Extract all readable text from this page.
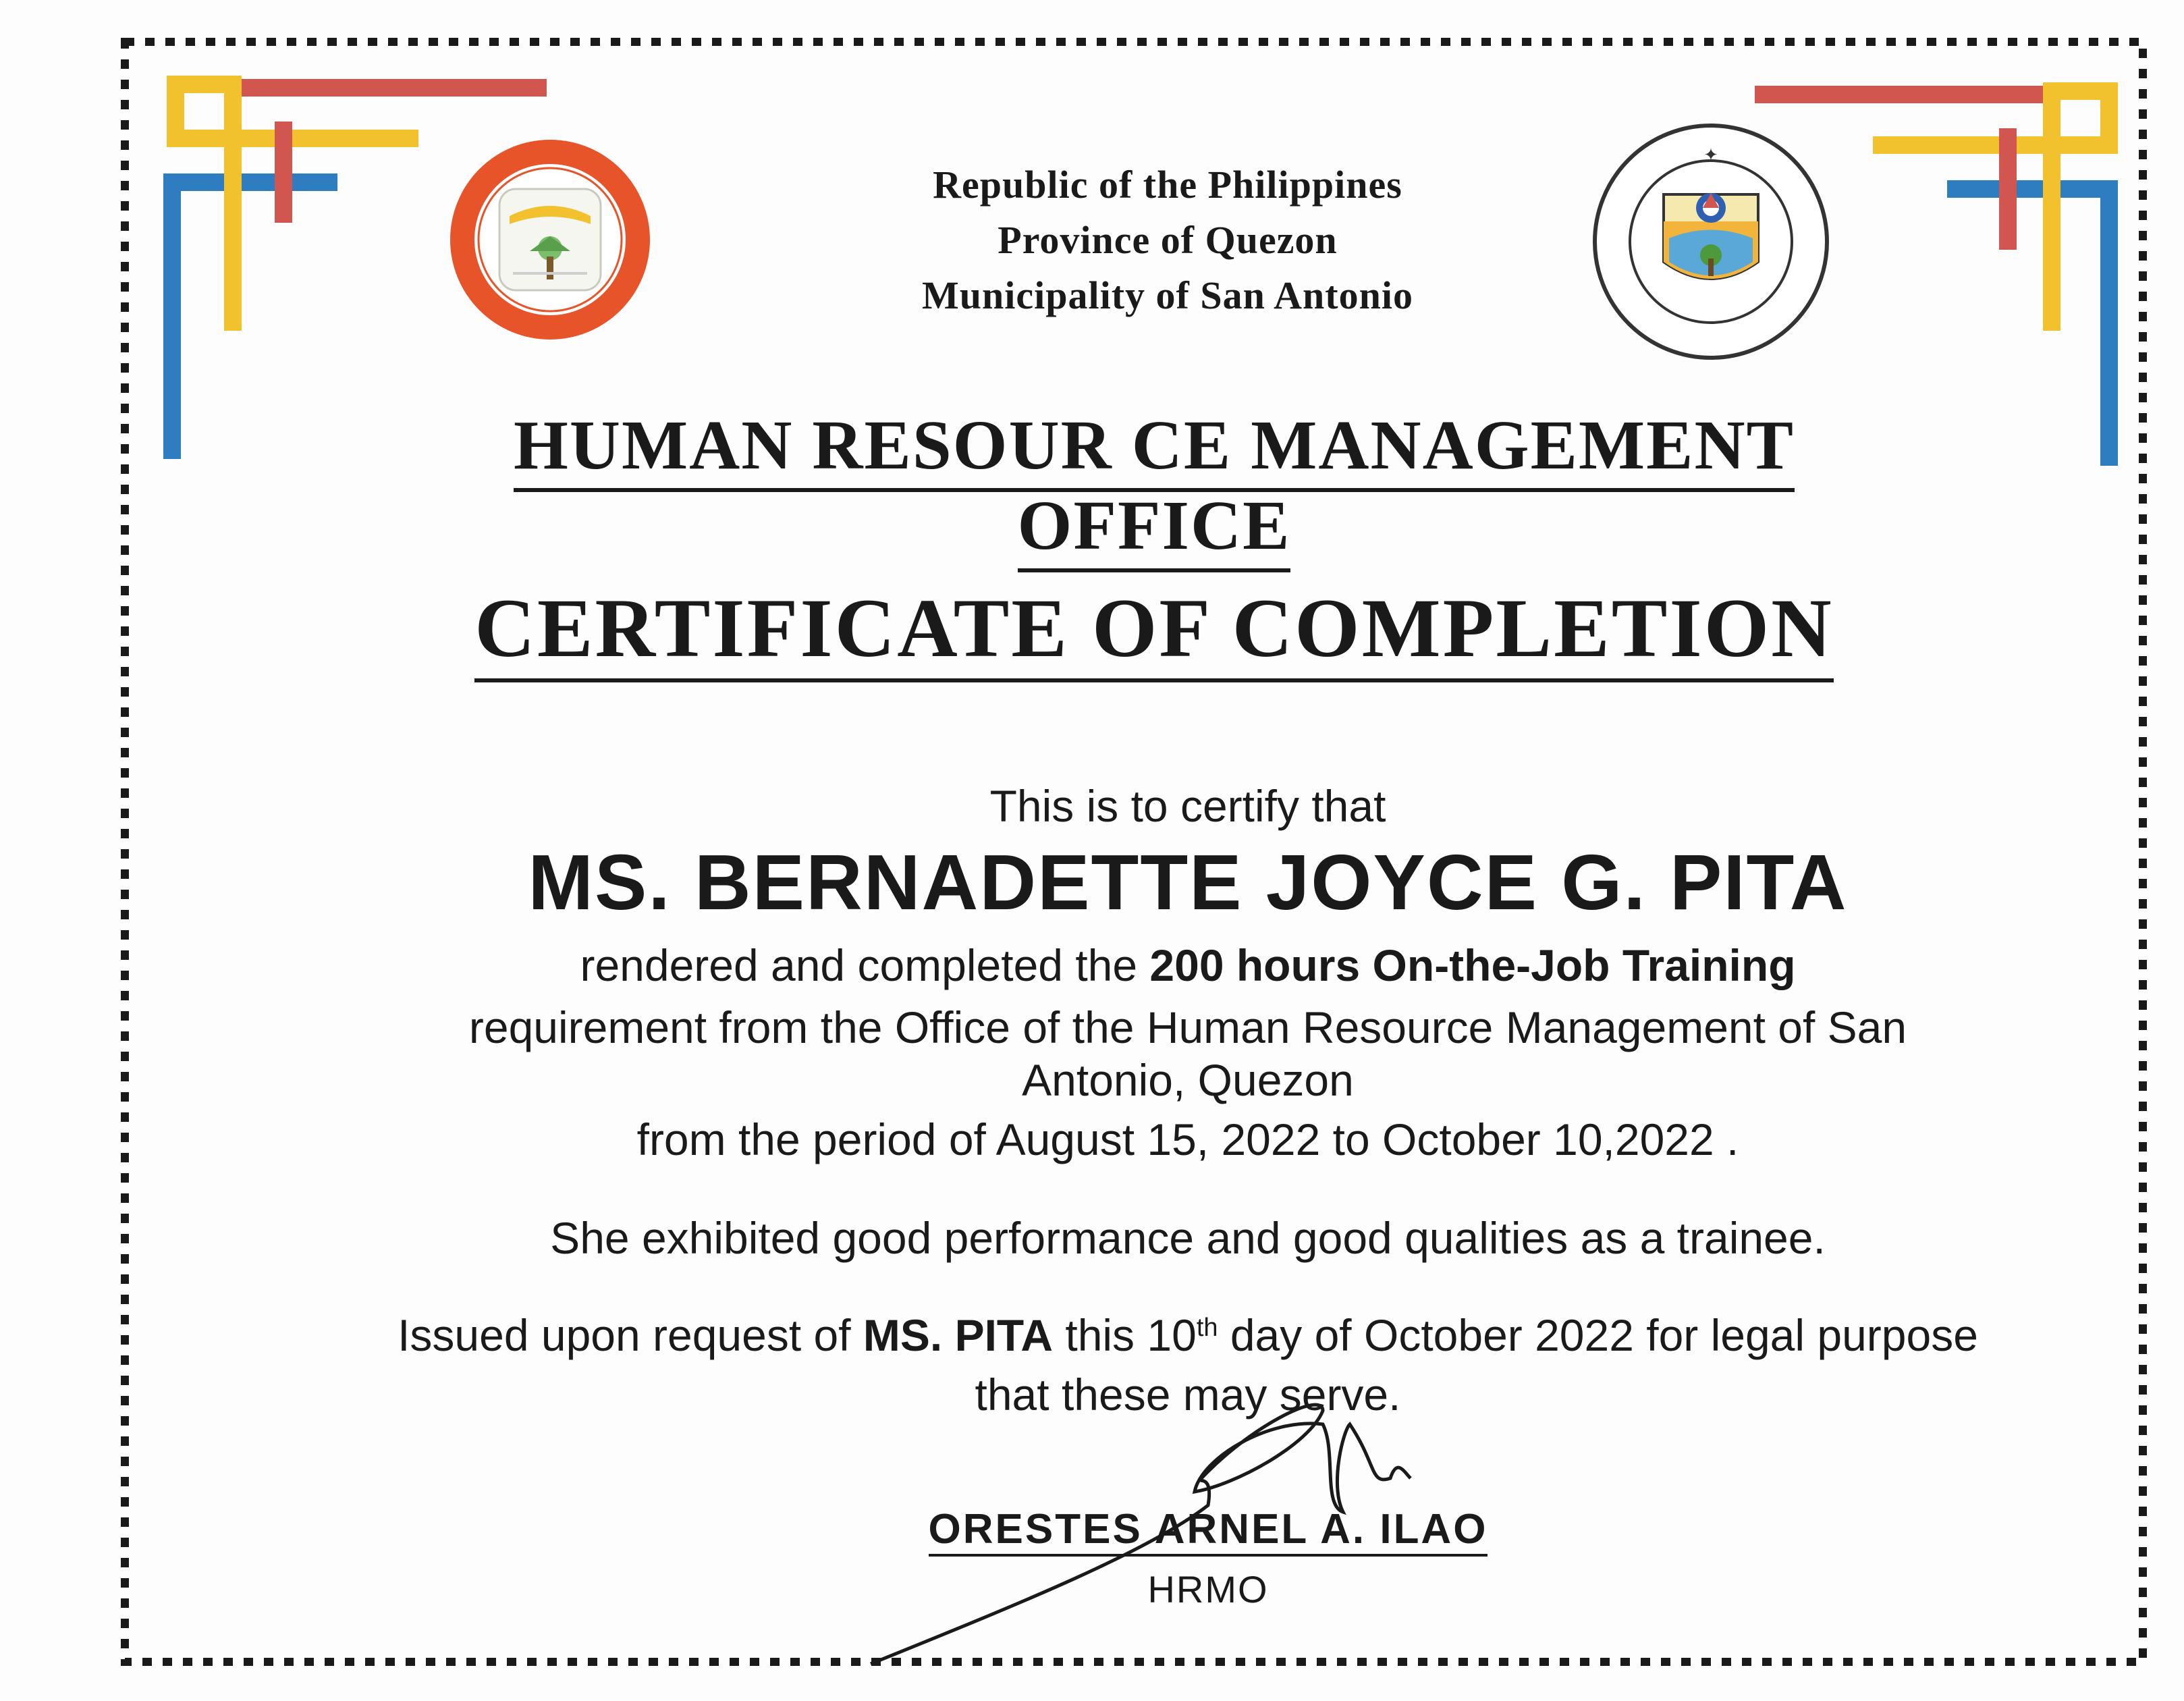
✦
Republic of the Philippines
Province of Quezon
Municipality of San Antonio
HUMAN RESOUR CE MANAGEMENT OFFICE
CERTIFICATE OF COMPLETION
This is to certify that
MS. BERNADETTE JOYCE G. PITA
rendered and completed the 200 hours On-the-Job Training
requirement from the Office of the Human Resource Management of San
Antonio, Quezon
from the period of August 15, 2022 to October 10,2022 .
She exhibited good performance and good qualities as a trainee.
Issued upon request of MS. PITA this 10th day of October 2022 for legal purpose
that these may serve.
ORESTES ARNEL A. ILAO
HRMO
